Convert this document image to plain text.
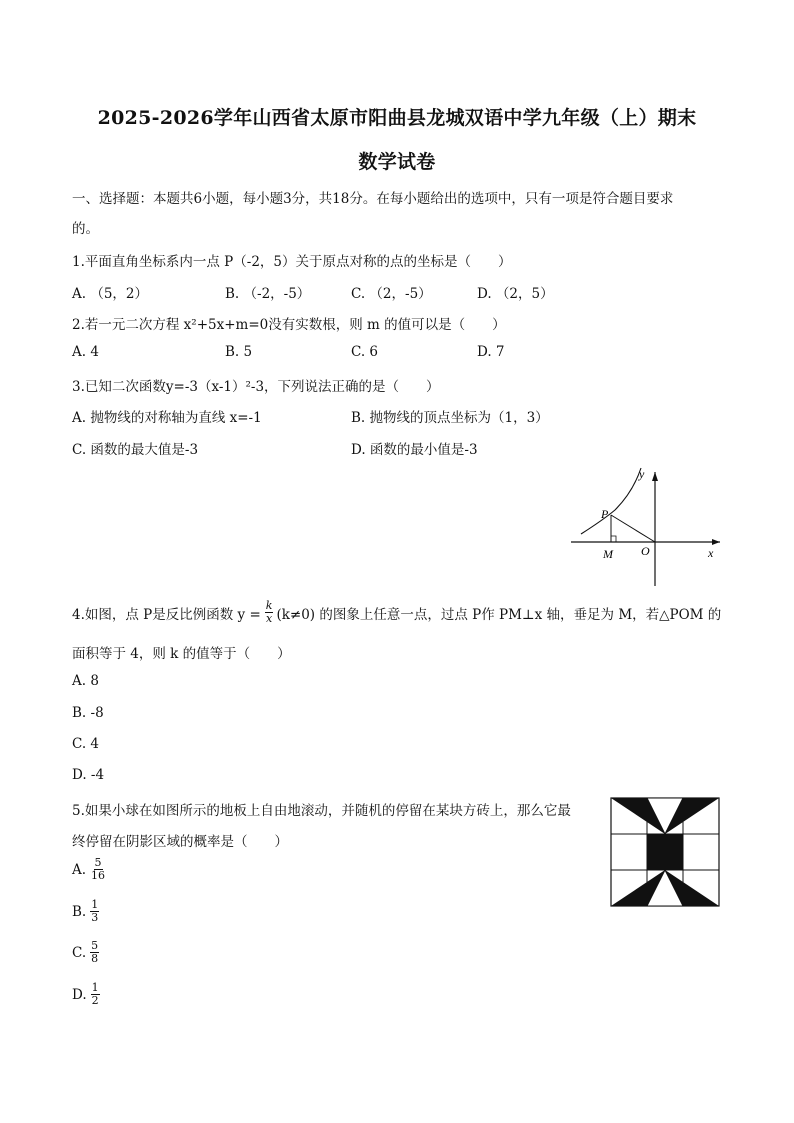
2025-2026学年山西省太原市阳曲县龙城双语中学九年级（上）期末
数学试卷
一、选择题：本题共6小题，每小题3分，共18分。在每小题给出的选项中，只有一项是符合题目要求
的。
1.平面直角坐标系内一点 P（-2，5）关于原点对称的点的坐标是（　　）
A. （5，2）	B. （-2，-5）	C. （2，-5）	D. （2，5）
2.若一元二次方程 x²+5x+m=0没有实数根，则 m 的值可以是（　　）
A. 4	B. 5	C. 6	D. 7
3.已知二次函数y=-3（x-1）²-3，下列说法正确的是（　　）
A. 抛物线的对称轴为直线 x=-1	B. 抛物线的顶点坐标为（1，3）
C. 函数的最大值是-3	D. 函数的最小值是-3
y
x
P
M O
4.如图，点 P是反比例函数 $y = \frac{k}{x} (k\ne 0)$ 的图象上任意一点，过点 P作 PM⊥x 轴，垂足为 M，若△POM 的
面积等于 4，则 k 的值等于（　　）
A. 8
B. -8
C. 4
D. -4
5.如果小球在如图所示的地板上自由地滚动，并随机的停留在某块方砖上，那么它最
终停留在阴影区域的概率是（　　）
A. $\frac{5}{16}$
B. $\frac{1}{3}$
C. $\frac{5}{8}$
D. $\frac{1}{2}$
